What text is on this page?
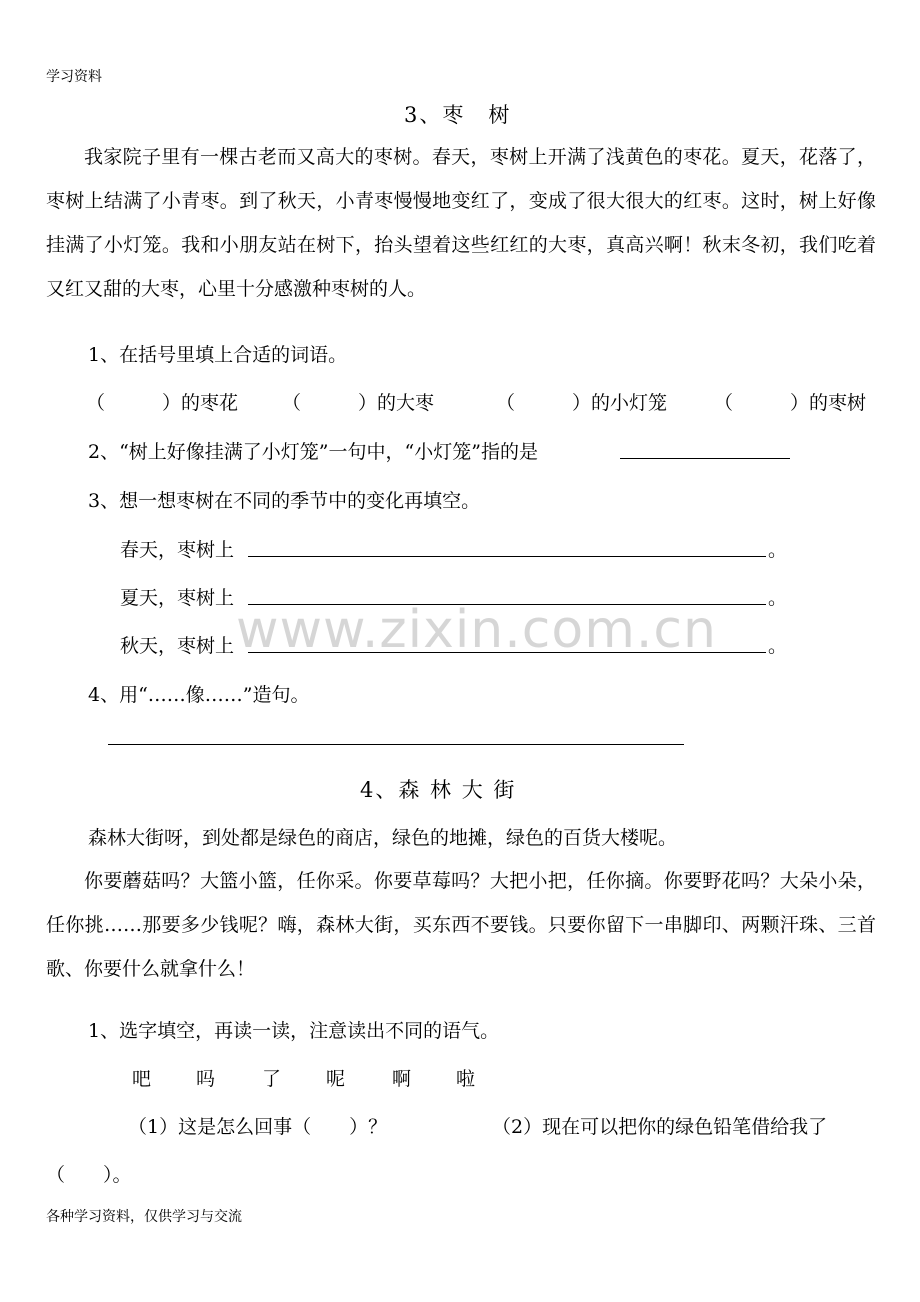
www.zixin.com.cn
学习资料
3、枣　树
我家院子里有一棵古老而又高大的枣树。春天，枣树上开满了浅黄色的枣花。夏天，花落了，枣树上结满了小青枣。到了秋天，小青枣慢慢地变红了，变成了很大很大的红枣。这时，树上好像挂满了小灯笼。我和小朋友站在树下，抬头望着这些红红的大枣，真高兴啊！秋末冬初，我们吃着又红又甜的大枣，心里十分感激种枣树的人。
1、在括号里填上合适的词语。
（　　　）的枣花 （　　　）的大枣	（　　　）的小灯笼 （　　　）的枣树
2、“树上好像挂满了小灯笼”一句中，“小灯笼”指的是
3、想一想枣树在不同的季节中的变化再填空。
春天，枣树上	。
夏天，枣树上	。
秋天，枣树上	。
4、用“……像……”造句。
4、森 林 大 街
森林大街呀，到处都是绿色的商店，绿色的地摊，绿色的百货大楼呢。
你要蘑菇吗？大篮小篮，任你采。你要草莓吗？大把小把，任你摘。你要野花吗？大朵小朵，任你挑……那要多少钱呢？嗨，森林大街，买东西不要钱。只要你留下一串脚印、两颗汗珠、三首歌、你要什么就拿什么！
1、选字填空，再读一读，注意读出不同的语气。
吧 吗 了 呢 啊 啦
（1）这是怎么回事（　　）？	（2）现在可以把你的绿色铅笔借给我了
（　　）。
各种学习资料，仅供学习与交流
